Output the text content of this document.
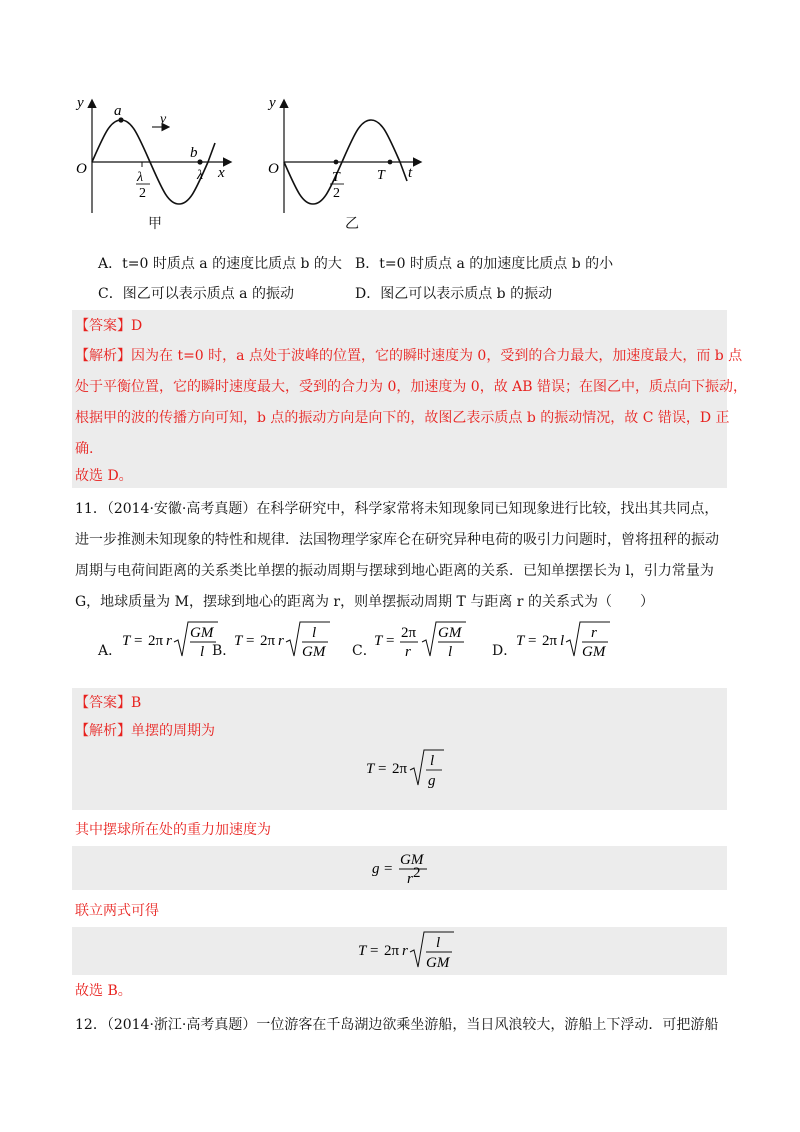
y
O
a
b
v
λ
2
λ x
甲
y
O
T
2
T t
乙
A．t=0 时质点 a 的速度比质点 b 的大 B．t=0 时质点 a 的加速度比质点 b 的小
C．图乙可以表示质点 a 的振动	D．图乙可以表示质点 b 的振动
【答案】D
【解析】因为在 t=0 时，a 点处于波峰的位置，它的瞬时速度为 0，受到的合力最大，加速度最大，而 b 点
处于平衡位置，它的瞬时速度最大，受到的合力为 0，加速度为 0，故 AB 错误；在图乙中，质点向下振动，
根据甲的波的传播方向可知，b 点的振动方向是向下的，故图乙表示质点 b 的振动情况，故 C 错误，D 正
确.
故选 D。
11．（2014·安徽·高考真题）在科学研究中，科学家常将未知现象同已知现象进行比较，找出其共同点，
进一步推测未知现象的特性和规律．法国物理学家库仑在研究异种电荷的吸引力问题时，曾将扭秤的振动
周期与电荷间距离的关系类比单摆的振动周期与摆球到地心距离的关系．已知单摆摆长为 l，引力常量为
G，地球质量为 M，摆球到地心的距离为 r，则单摆振动周期 T 与距离 r 的关系式为（　　）
A．
T = 2π r GM
l B．
T = 2π r l
GM C．
T = 2π
r
GM
l	D．
T = 2π l r
GM
【答案】B
【解析】单摆的周期为
T = 2π l
g
其中摆球所在处的重力加速度为
g =
GM
r 2
联立两式可得
T = 2π r l
GM
故选 B。
12．（2014·浙江·高考真题）一位游客在千岛湖边欲乘坐游船，当日风浪较大，游船上下浮动．可把游船
